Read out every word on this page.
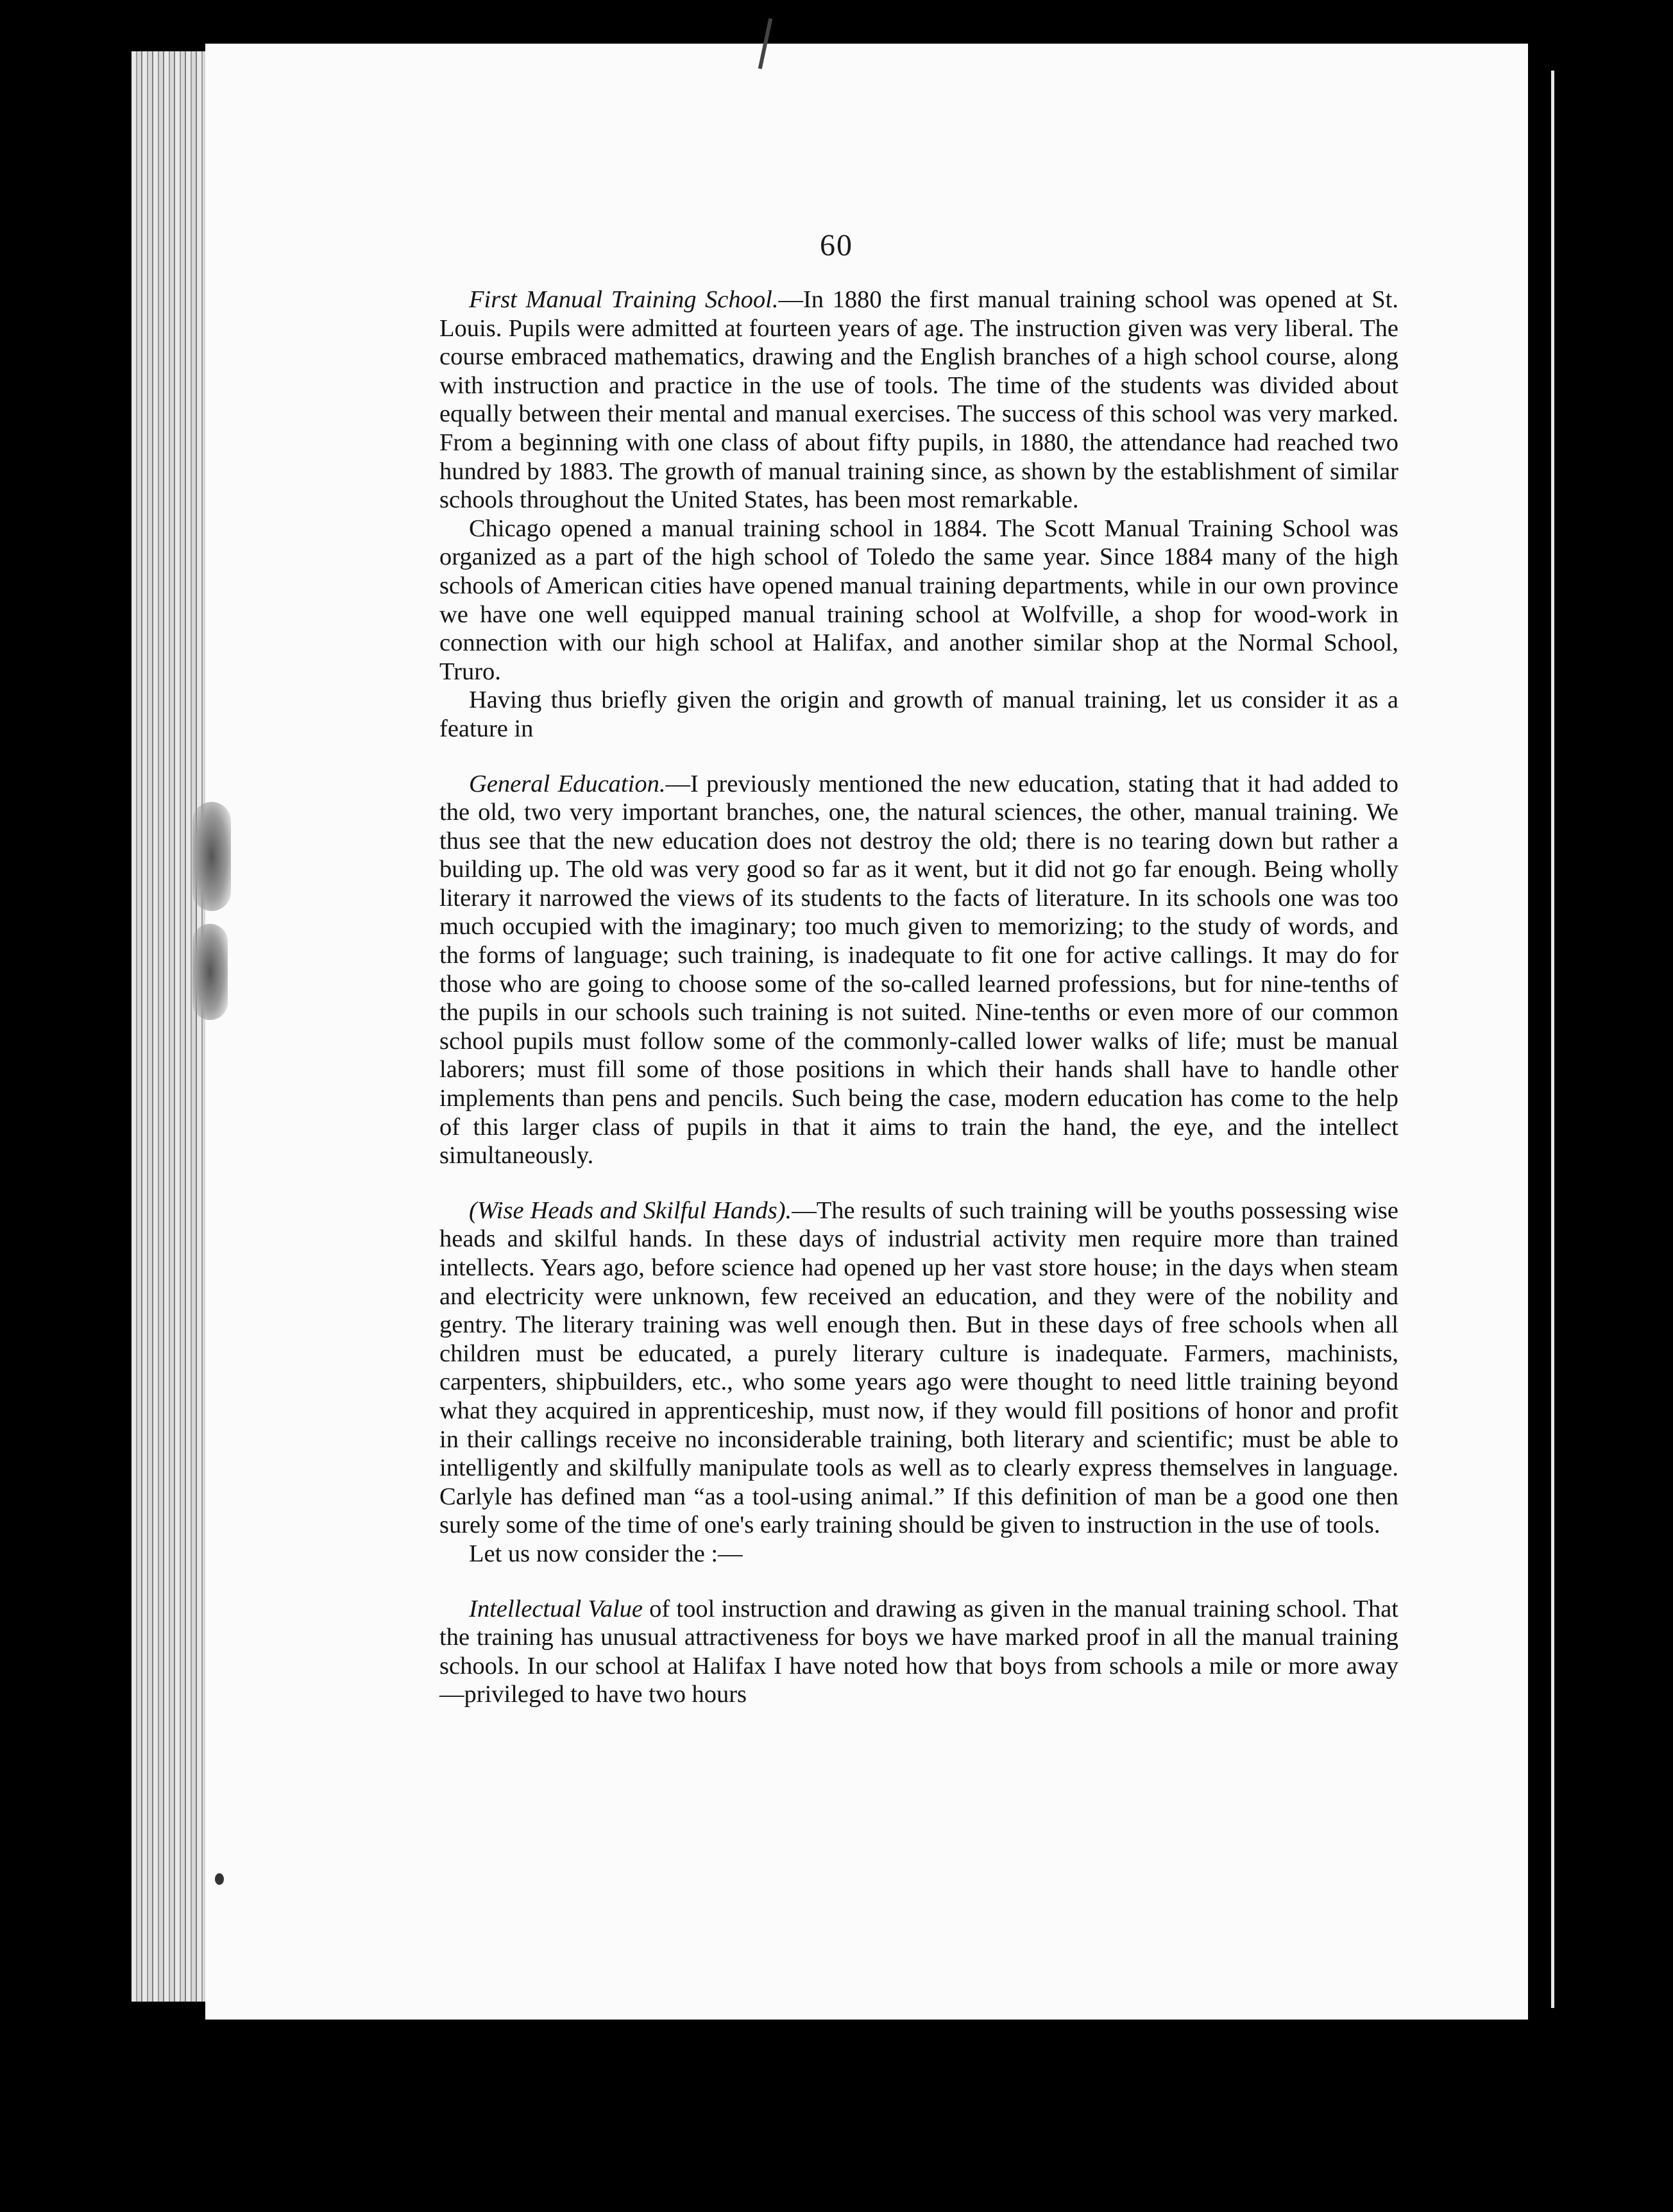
60

First Manual Training School.—In 1880 the first manual training school was opened at St. Louis. Pupils were admitted at fourteen years of age. The instruction given was very liberal. The course embraced mathematics, drawing and the English branches of a high school course, along with instruction and practice in the use of tools. The time of the students was divided about equally between their mental and manual exercises. The success of this school was very marked. From a beginning with one class of about fifty pupils, in 1880, the attendance had reached two hundred by 1883. The growth of manual training since, as shown by the establishment of similar schools throughout the United States, has been most remarkable.

Chicago opened a manual training school in 1884. The Scott Manual Training School was organized as a part of the high school of Toledo the same year. Since 1884 many of the high schools of American cities have opened manual training departments, while in our own province we have one well equipped manual training school at Wolfville, a shop for wood-work in connection with our high school at Halifax, and another similar shop at the Normal School, Truro.

Having thus briefly given the origin and growth of manual training, let us consider it as a feature in

General Education.—I previously mentioned the new education, stating that it had added to the old, two very important branches, one, the natural sciences, the other, manual training. We thus see that the new education does not destroy the old; there is no tearing down but rather a building up. The old was very good so far as it went, but it did not go far enough. Being wholly literary it narrowed the views of its students to the facts of literature. In its schools one was too much occupied with the imaginary; too much given to memorizing; to the study of words, and the forms of language; such training, is inadequate to fit one for active callings. It may do for those who are going to choose some of the so-called learned professions, but for nine-tenths of the pupils in our schools such training is not suited. Nine-tenths or even more of our common school pupils must follow some of the commonly-called lower walks of life; must be manual laborers; must fill some of those positions in which their hands shall have to handle other implements than pens and pencils. Such being the case, modern education has come to the help of this larger class of pupils in that it aims to train the hand, the eye, and the intellect simultaneously.

(Wise Heads and Skilful Hands).—The results of such training will be youths possessing wise heads and skilful hands. In these days of industrial activity men require more than trained intellects. Years ago, before science had opened up her vast store house; in the days when steam and electricity were unknown, few received an education, and they were of the nobility and gentry. The literary training was well enough then. But in these days of free schools when all children must be educated, a purely literary culture is inadequate. Farmers, machinists, carpenters, shipbuilders, etc., who some years ago were thought to need little training beyond what they acquired in apprenticeship, must now, if they would fill positions of honor and profit in their callings receive no inconsiderable training, both literary and scientific; must be able to intelligently and skilfully manipulate tools as well as to clearly express themselves in language. Carlyle has defined man “as a tool-using animal.” If this definition of man be a good one then surely some of the time of one's early training should be given to instruction in the use of tools.

Let us now consider the :—

Intellectual Value of tool instruction and drawing as given in the manual training school. That the training has unusual attractiveness for boys we have marked proof in all the manual training schools. In our school at Halifax I have noted how that boys from schools a mile or more away—privileged to have two hours
